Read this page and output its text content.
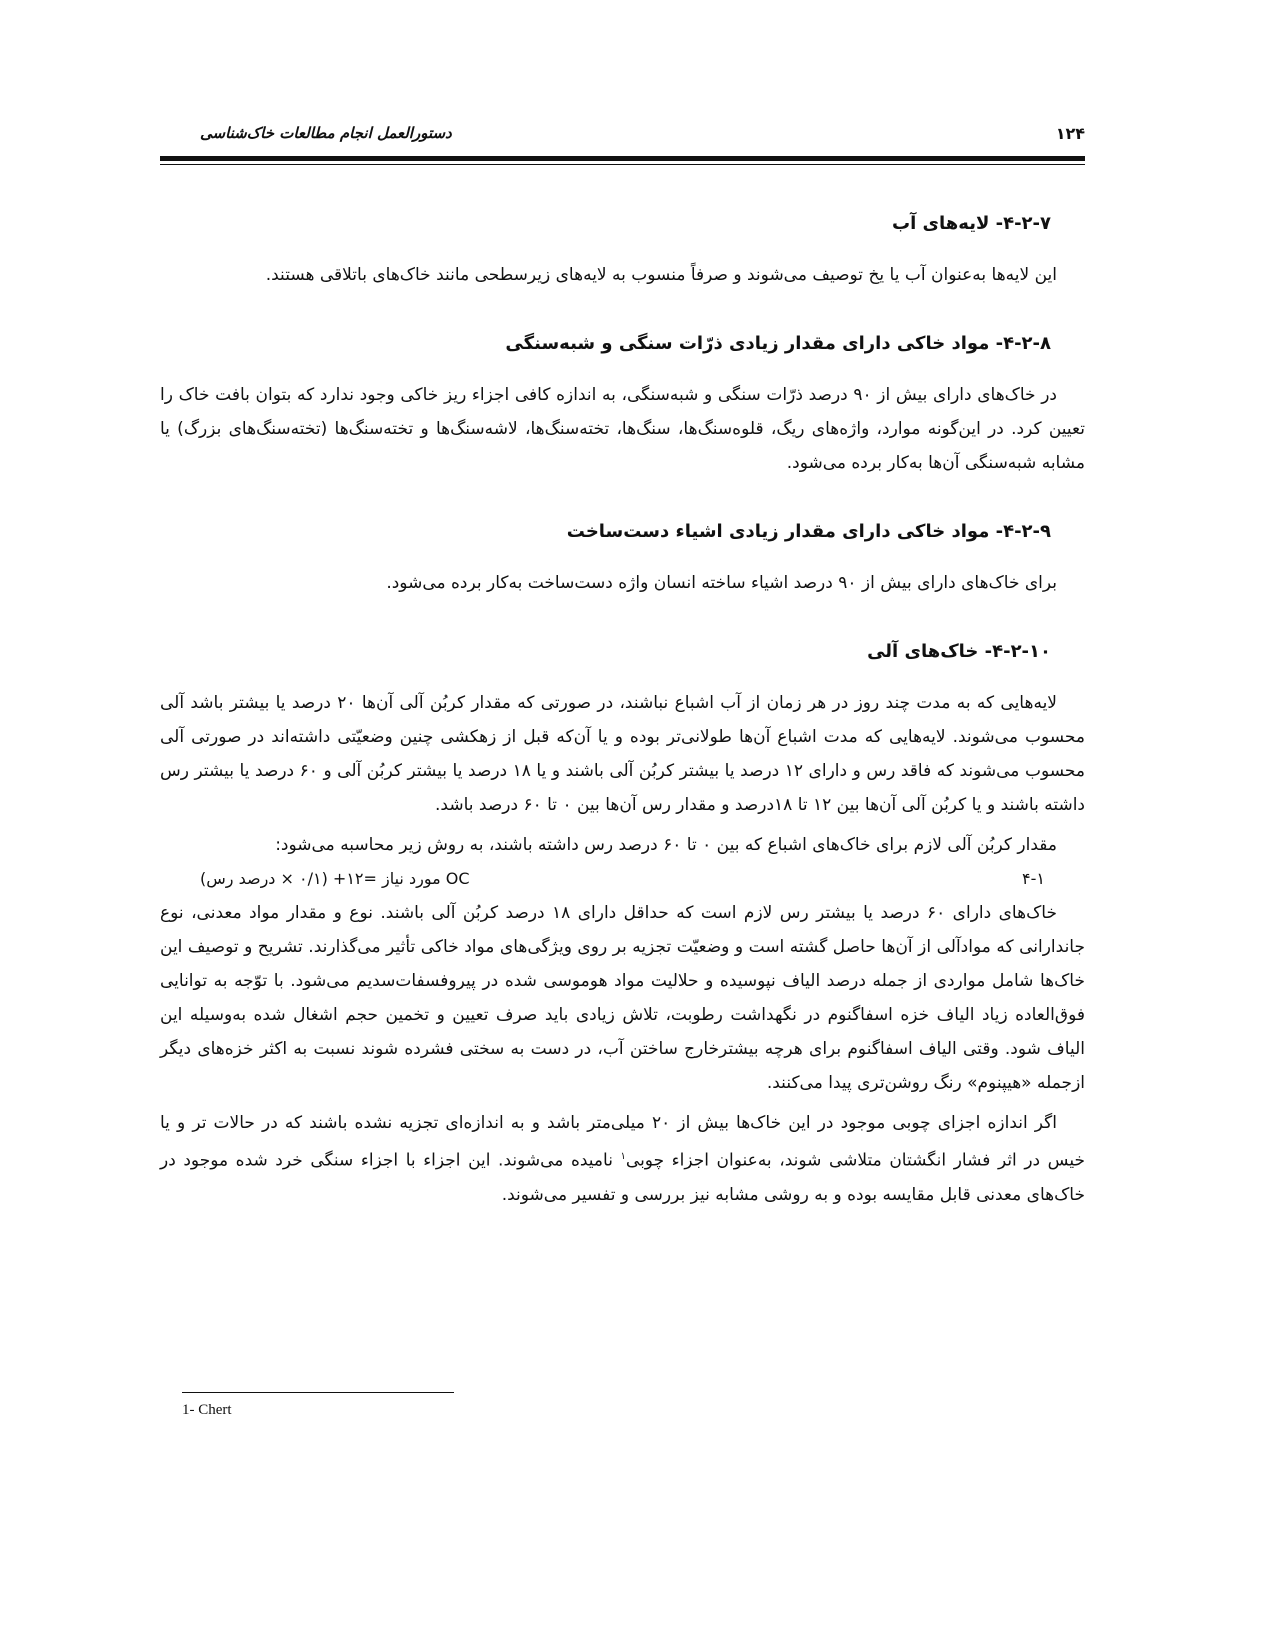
۱۲۴
دستورالعمل انجام مطالعات خاک‌شناسی
۴-۲-۷- لایه‌های آب

این لایه‌ها به‌عنوان آب یا یخ توصیف می‌شوند و صرفاً منسوب به لایه‌های زیرسطحی مانند خاک‌های باتلاقی هستند.

۴-۲-۸- مواد خاکی دارای مقدار زیادی ذرّات سنگی و شبه‌سنگی

در خاک‌های دارای بیش از ۹۰ درصد ذرّات سنگی و شبه‌سنگی، به اندازه کافی اجزاء ریز خاکی وجود ندارد که بتوان بافت خاک را تعیین کرد. در این‌گونه موارد، واژه‌های ریگ، قلوه‌سنگ‌ها، سنگ‌ها، تخته‌سنگ‌ها، لاشه‌سنگ‌ها و تخته‌سنگ‌ها (تخته‌سنگ‌های بزرگ) یا مشابه شبه‌سنگی آن‌ها به‌کار برده می‌شود.

۴-۲-۹- مواد خاکی دارای مقدار زیادی اشیاء دست‌ساخت

برای خاک‌های دارای بیش از ۹۰ درصد اشیاء ساخته انسان واژه دست‌ساخت به‌کار برده می‌شود.

۴-۲-۱۰- خاک‌های آلی

لایه‌هایی که به مدت چند روز در هر زمان از آب اشباع نباشند، در صورتی که مقدار کربُن آلی آن‌ها ۲۰ درصد یا بیشتر باشد آلی محسوب می‌شوند. لایه‌هایی که مدت اشباع آن‌ها طولانی‌تر بوده و یا آن‌که قبل از زهکشی چنین وضعیّتی داشته‌اند در صورتی آلی محسوب می‌شوند که فاقد رس و دارای ۱۲ درصد یا بیشتر کربُن آلی باشند و یا ۱۸ درصد یا بیشتر کربُن آلی و ۶۰ درصد یا بیشتر رس داشته باشند و یا کربُن آلی آن‌ها بین ۱۲ تا ۱۸درصد و مقدار رس آن‌ها بین ۰ تا ۶۰ درصد باشد.

مقدار کربُن آلی لازم برای خاک‌های اشباع که بین ۰ تا ۶۰ درصد رس داشته باشند، به روش زیر محاسبه می‌شود:

۴-۱
OC مورد نیاز =۱۲+ (۰/۱ × درصد رس)

خاک‌های دارای ۶۰ درصد یا بیشتر رس لازم است که حداقل دارای ۱۸ درصد کربُن آلی باشند. نوع و مقدار مواد معدنی، نوع جاندارانی که موادآلی از آن‌ها حاصل گشته است و وضعیّت تجزیه بر روی ویژگی‌های مواد خاکی تأثیر می‌گذارند. تشریح و توصیف این خاک‌ها شامل مواردی از جمله درصد الیاف نپوسیده و حلالیت مواد هوموسی شده در پیروفسفات‌سدیم می‌شود. با توّجه به توانایی فوق‌العاده زیاد الیاف خزه اسفاگنوم در نگهداشت رطوبت، تلاش زیادی باید صرف تعیین و تخمین حجم اشغال شده به‌وسیله این الیاف شود. وقتی الیاف اسفاگنوم برای هرچه بیشترخارج ساختن آب، در دست به سختی فشرده شوند نسبت به اکثر خزه‌های دیگر ازجمله «هیپنوم» رنگ روشن‌تری پیدا می‌کنند.

اگر اندازه اجزای چوبی موجود در این خاک‌ها بیش از ۲۰ میلی‌متر باشد و به اندازه‌ای تجزیه نشده باشند که در حالات تر و یا خیس در اثر فشار انگشتان متلاشی شوند، به‌عنوان اجزاء چوبی$^۱$ نامیده می‌شوند. این اجزاء با اجزاء سنگی خرد شده موجود در خاک‌های معدنی قابل مقایسه بوده و به روشی مشابه نیز بررسی و تفسیر می‌شوند.

1- Chert
